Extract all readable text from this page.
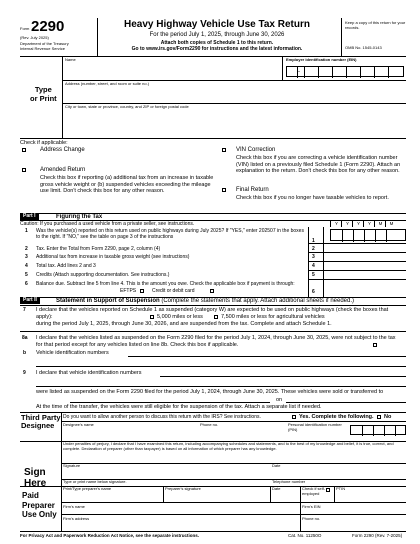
Form 2290
(Rev. July 2025)
Department of the Treasury
Internal Revenue Service
Heavy Highway Vehicle Use Tax Return
For the period July 1, 2025, through June 30, 2026
Attach both copies of Schedule 1 to this return.
Go to www.irs.gov/Form2290 for instructions and the latest information.
Keep a copy of this return for your records.
OMB No. 1545-0143
Type
or Print
Name	Employer identification number (EIN)
-
Address (number, street, and room or suite no.)
City or town, state or province, country, and ZIP or foreign postal code
Check if applicable:
Address Change
Amended Return
Check this box if reporting (a) additional tax from an increase in taxable gross vehicle weight or (b) suspended vehicles exceeding the mileage use limit. Don't check this box for any other reason.
VIN Correction
Check this box if you are correcting a vehicle identification number (VIN) listed on a previously filed Schedule 1 (Form 2290). Attach an explanation to the return. Don't check this box for any other reason.
Final Return
Check this box if you no longer have taxable vehicles to report.
Part I	Figuring the Tax
Caution: If you purchased a used vehicle from a private seller, see instructions.	Y	Y	Y	Y	M	M
1 Was the vehicle(s) reported on this return used on public highways during July 2025? If "YES," enter 202507 in the boxes to the right. If "NO," see the table on page 3 of the instructions
1
2 Tax. Enter the Total from Form 2290, page 2, column (4)	2
3 Additional tax from increase in taxable gross weight (see instructions)	3
4 Total tax. Add lines 2 and 3	4
5 Credits (Attach supporting documentation. See instructions.)	5
6 Balance due. Subtract line 5 from line 4. This is the amount you owe. Check the applicable box if payment is through:
EFTPS	Credit or debit card	6
Part II	Statement in Support of Suspension (Complete the statements that apply. Attach additional sheets if needed.)
7 I declare that the vehicles reported on Schedule 1 as suspended (category W) are expected to be used on public highways (check the boxes that apply):	5,000 miles or less	7,500 miles or less for agricultural vehicles
during the period July 1, 2025, through June 30, 2026, and are suspended from the tax. Complete and attach Schedule 1.
8a I declare that the vehicles listed as suspended on the Form 2290 filed for the period July 1, 2024, through June 30, 2025, were not subject to the tax for that period except for any vehicles listed on line 8b. Check this box if applicable.
b Vehicle identification numbers
9 I declare that vehicle identification numbers
were listed as suspended on the Form 2290 filed for the period July 1, 2024, through June 30, 2025. These vehicles were sold or transferred to
on
At the time of the transfer, the vehicles were still eligible for the suspension of the tax. Attach a separate list if needed.
Third Party Designee
Do you want to allow another person to discuss this return with the IRS? See instructions.	Yes. Complete the following. No
Designee's name	Phone no.	Personal identification number (PIN)
Sign Here
Under penalties of perjury, I declare that I have examined this return, including accompanying schedules and statements, and to the best of my knowledge and belief, it is true, correct, and complete. Declaration of preparer (other than taxpayer) is based on all information of which preparer has any knowledge.
Signature	Date
Type or print name below signature.	Telephone number
Paid Preparer Use Only
Print/Type preparer's name	Preparer's signature	Date	Check if self-employed
PTIN
Firm's name	Firm's EIN
Firm's address	Phone no.
For Privacy Act and Paperwork Reduction Act Notice, see the separate instructions.	Cat. No. 11250O	Form 2290 (Rev. 7-2025)
